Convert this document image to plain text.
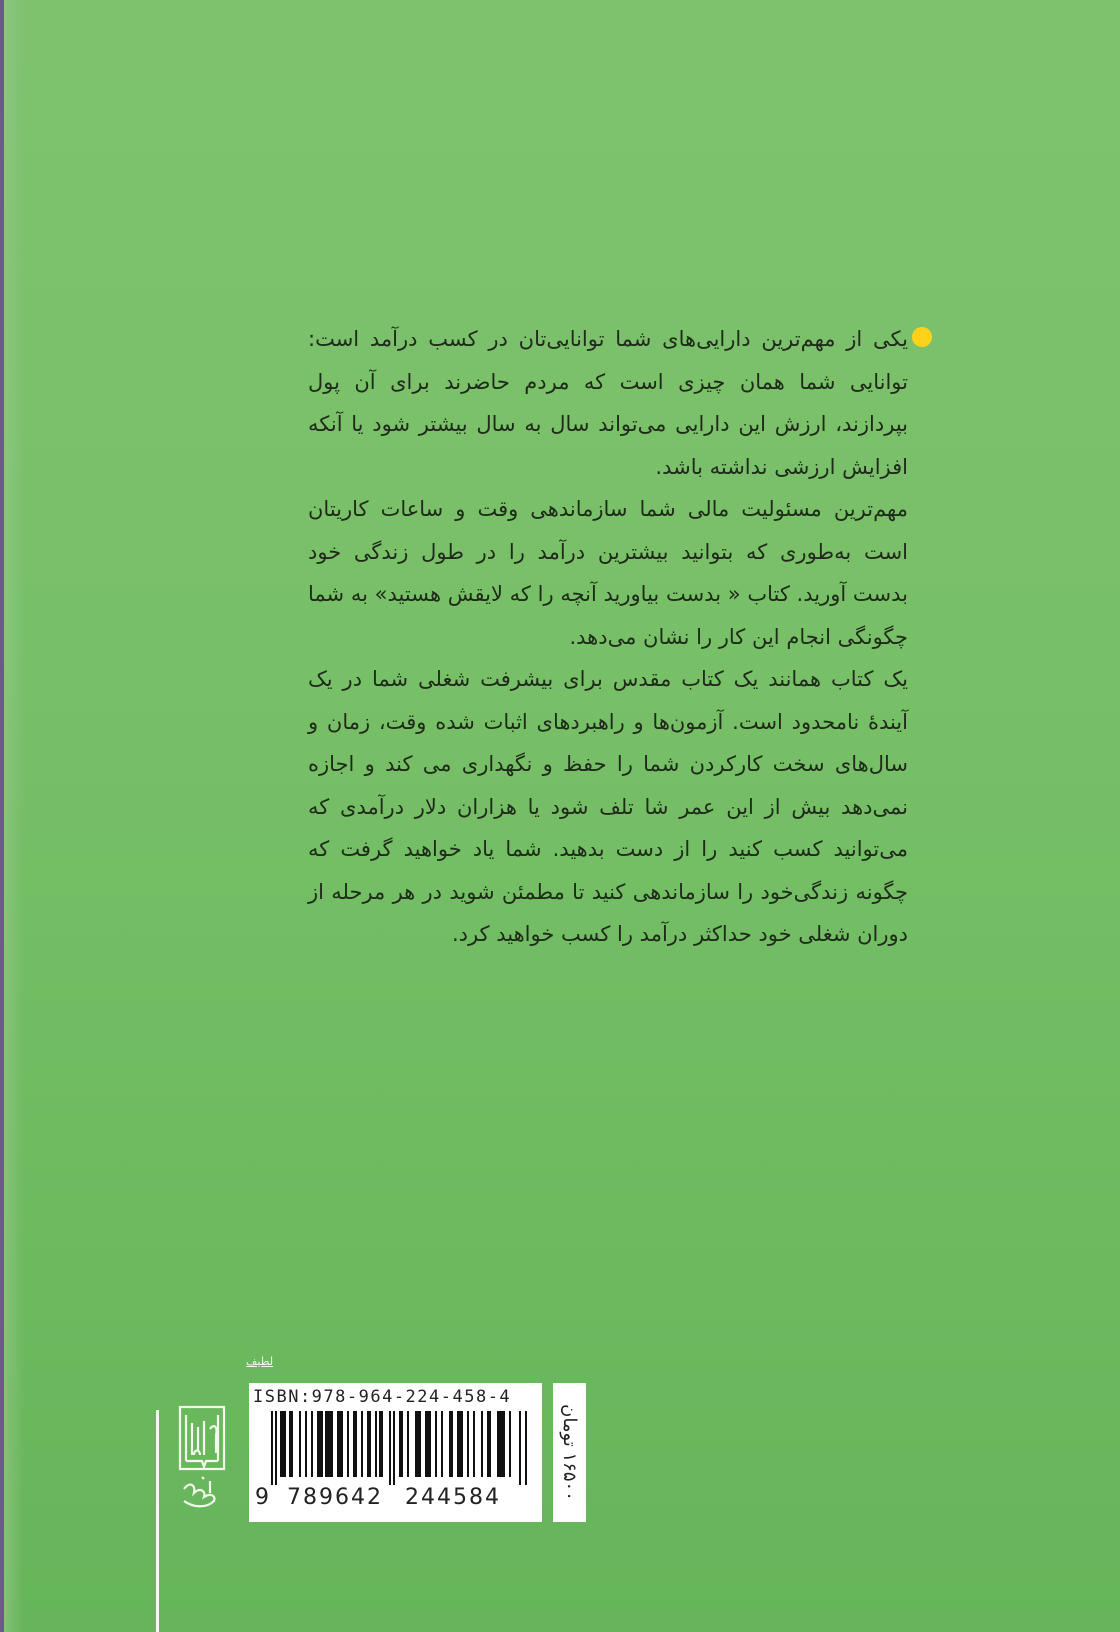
یکی از مهم‌ترین دارایی‌های شما توانایی‌تان در کسب درآمد است: توانایی شما همان چیزی است که مردم حاضرند برای آن پول بپردازند، ارزش این دارایی می‌تواند سال به سال بیشتر شود یا آنکه افزایش ارزشی نداشته باشد.

مهم‌ترین مسئولیت مالی شما سازماندهی وقت و ساعات کاریتان است به‌طوری که بتوانید بیشترین درآمد را در طول زندگی خود بدست آورید. کتاب « بدست بیاورید آنچه را که لایقش هستید» به شما چگونگی انجام این کار را نشان می‌دهد.

یک کتاب همانند یک کتاب مقدس برای بیشرفت شغلی شما در یک آیندهٔ نامحدود است. آزمون‌ها و راهبردهای اثبات شده وقت، زمان و سال‌های سخت کارکردن شما را حفظ و نگهداری می کند و اجازه نمی‌دهد بیش از این عمر شا تلف شود یا هزاران دلار درآمدی که می‌توانید کسب کنید را از دست بدهید. شما یاد خواهید گرفت که چگونه زندگی‌خود را سازماندهی کنید تا مطمئن شوید در هر مرحله از دوران شغلی خود حداکثر درآمد را کسب خواهید کرد.

لطیف
ISBN:978-964-224-458-4
9 789642 244584
۱۶۵۰۰ تومان
